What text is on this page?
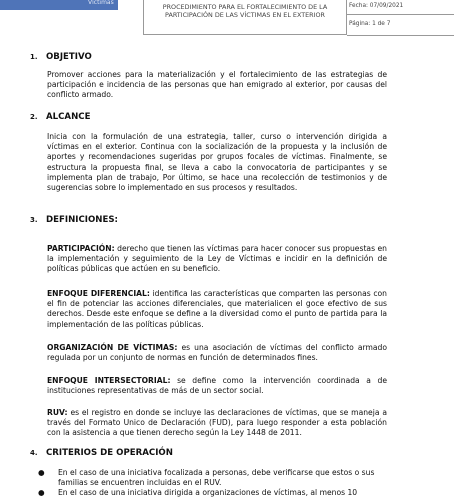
Víctimas
PROCEDIMIENTO PARA EL FORTALECIMIENTO DE LA
PARTICIPACIÓN DE LAS VÍCTIMAS EN EL EXTERIOR
Fecha: 07/09/2021
Página: 1 de 7
1. OBJETIVO
Promover acciones para la materialización y el fortalecimiento de las estrategias de participación e incidencia de las personas que han emigrado al exterior, por causas del conflicto armado.
2. ALCANCE
Inicia con la formulación de una estrategia, taller, curso o intervención dirigida a víctimas en el exterior. Continua con la socialización de la propuesta y la inclusión de aportes y recomendaciones sugeridas por grupos focales de víctimas. Finalmente, se estructura la propuesta final, se lleva a cabo la convocatoria de participantes y se implementa plan de trabajo, Por último, se hace una recolección de testimonios y de sugerencias sobre lo implementado en sus procesos y resultados.
3. DEFINICIONES:
PARTICIPACIÓN: derecho que tienen las víctimas para hacer conocer sus propuestas en la implementación y seguimiento de la Ley de Víctimas e incidir en la definición de políticas públicas que actúen en su beneficio.
ENFOQUE DIFERENCIAL: identifica las características que comparten las personas con el fin de potenciar las acciones diferenciales, que materialicen el goce efectivo de sus derechos. Desde este enfoque se define a la diversidad como el punto de partida para la implementación de las políticas públicas.
ORGANIZACIÓN DE VÍCTIMAS: es una asociación de víctimas del conflicto armado regulada por un conjunto de normas en función de determinados fines.
ENFOQUE INTERSECTORIAL: se define como la intervención coordinada a de instituciones representativas de más de un sector social.
RUV: es el registro en donde se incluye las declaraciones de víctimas, que se maneja a través del Formato Unico de Declaración (FUD), para luego responder a esta población con la asistencia a que tienen derecho según la Ley 1448 de 2011.
4. CRITERIOS DE OPERACIÓN
● En el caso de una iniciativa focalizada a personas, debe verificarse que estos o sus familias se encuentren incluidas en el RUV.
● En el caso de una iniciativa dirigida a organizaciones de víctimas, al menos 10
